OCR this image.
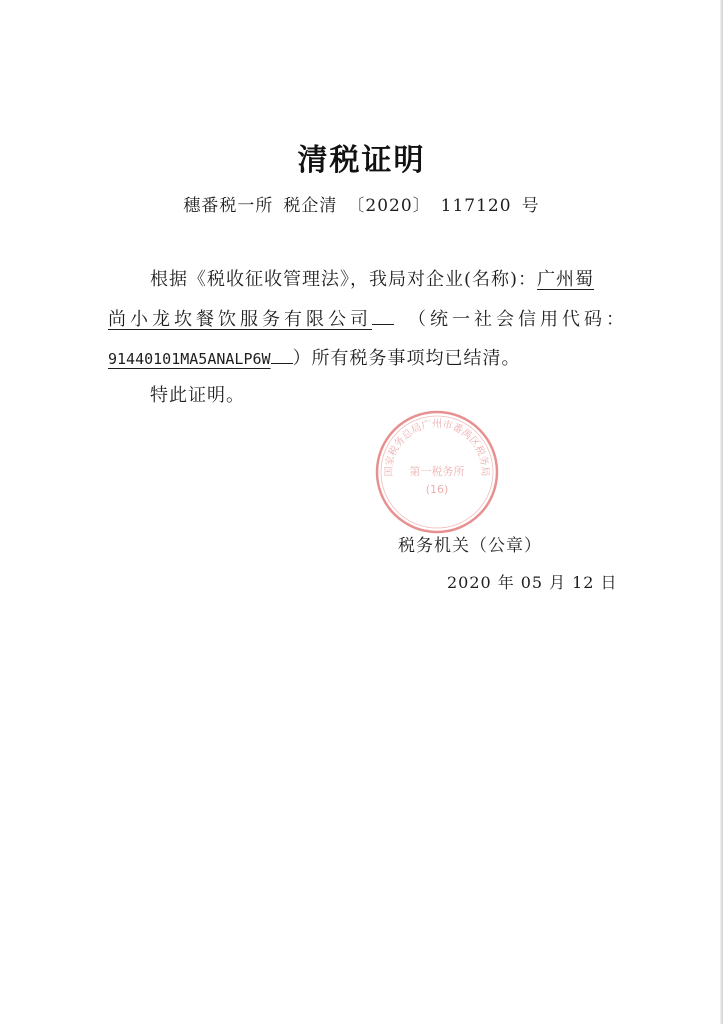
清税证明
穗番税一所 税企清 〔2020〕 117120 号
根据《税收征收管理法》，我局对企业(名称)：广州蜀
尚小龙坎餐饮服务有限公司 （统一社会信用代码：
91440101MA5ANALP6W ）所有税务事项均已结清。
特此证明。
国家税务总局广州市番禺区税务局
第一税务所
(16)
税务机关（公章）
2020 年 05 月 12 日
